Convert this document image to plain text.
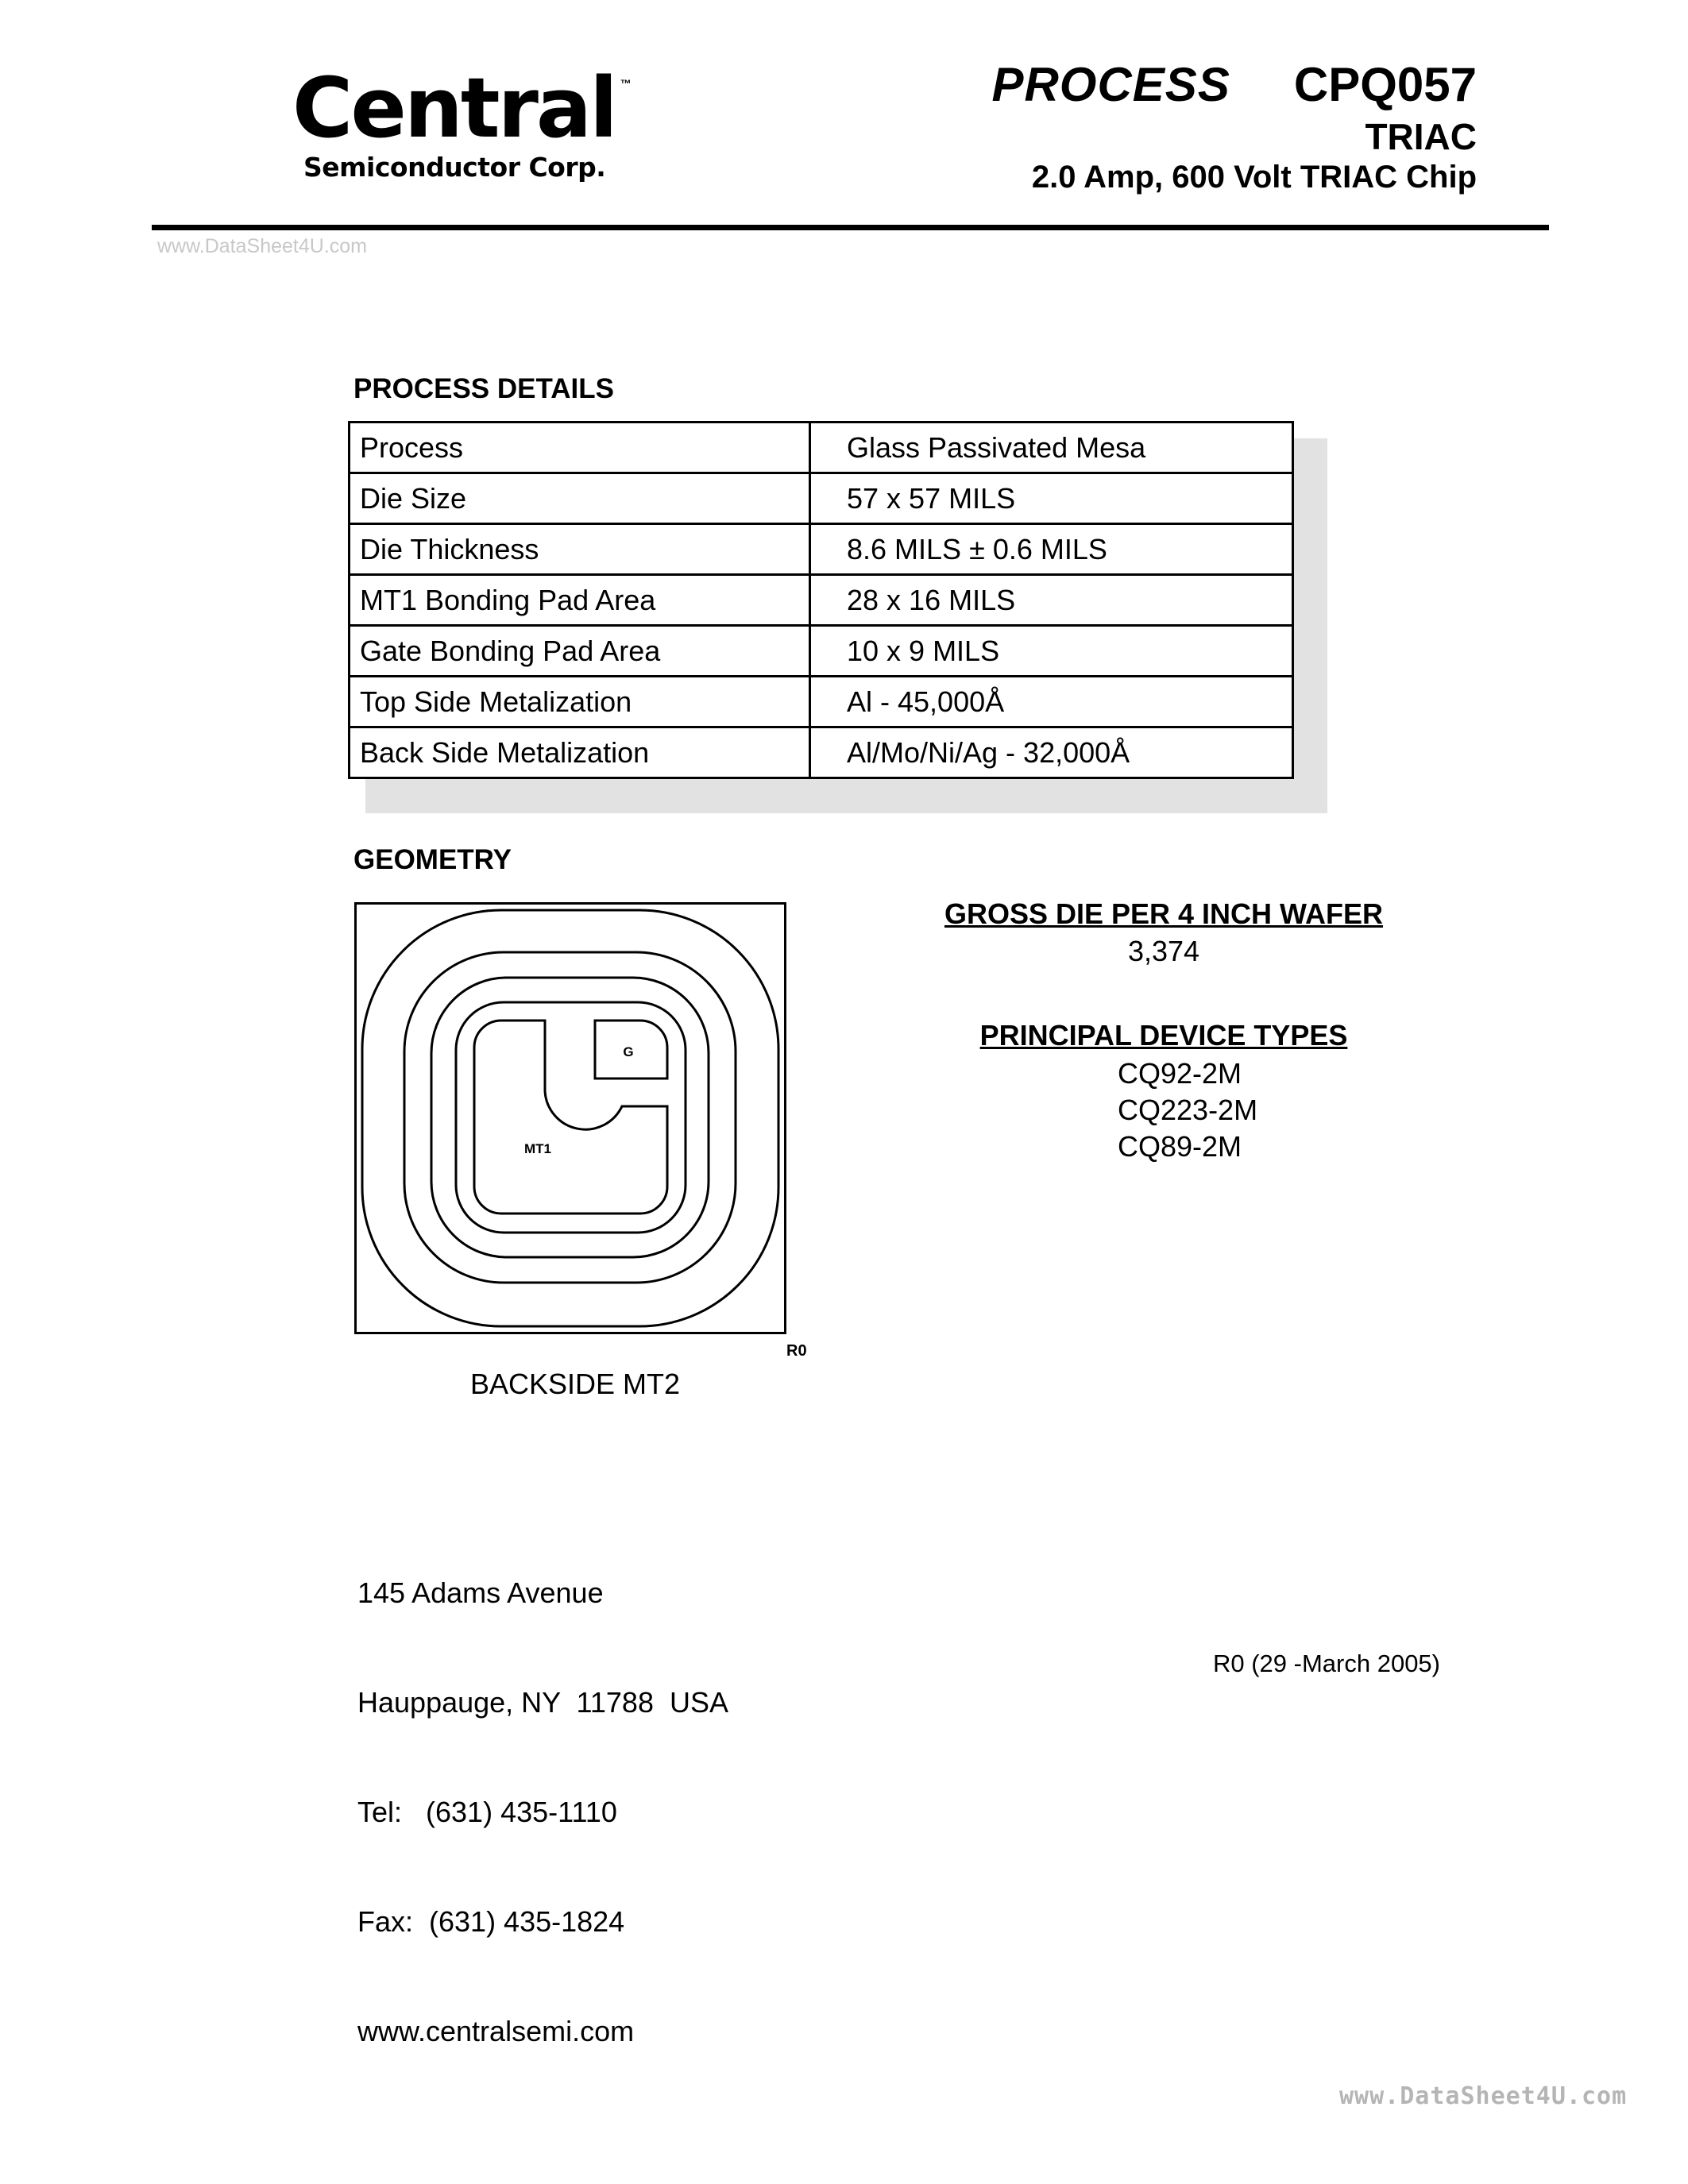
Central ™
Semiconductor Corp.
PROCESS CPQ057
TRIAC
2.0 Amp, 600 Volt TRIAC Chip
www.DataSheet4U.com
PROCESS DETAILS
Process	Glass Passivated Mesa
Die Size	57 x 57 MILS
Die Thickness	8.6 MILS ± 0.6 MILS
MT1 Bonding Pad Area	28 x 16 MILS
Gate Bonding Pad Area	10 x 9 MILS
Top Side Metalization	Al - 45,000Å
Back Side Metalization	Al/Mo/Ni/Ag - 32,000Å
GEOMETRY
G
MT1
R0
BACKSIDE MT2
GROSS DIE PER 4 INCH WAFER
3,374
PRINCIPAL DEVICE TYPES
CQ92-2M
CQ223-2M
CQ89-2M

145 Adams Avenue

Hauppauge, NY  11788  USA

Tel:   (631) 435-1110

Fax:  (631) 435-1824

www.centralsemi.com

R0 (29 -March 2005)
www.DataSheet4U.com
